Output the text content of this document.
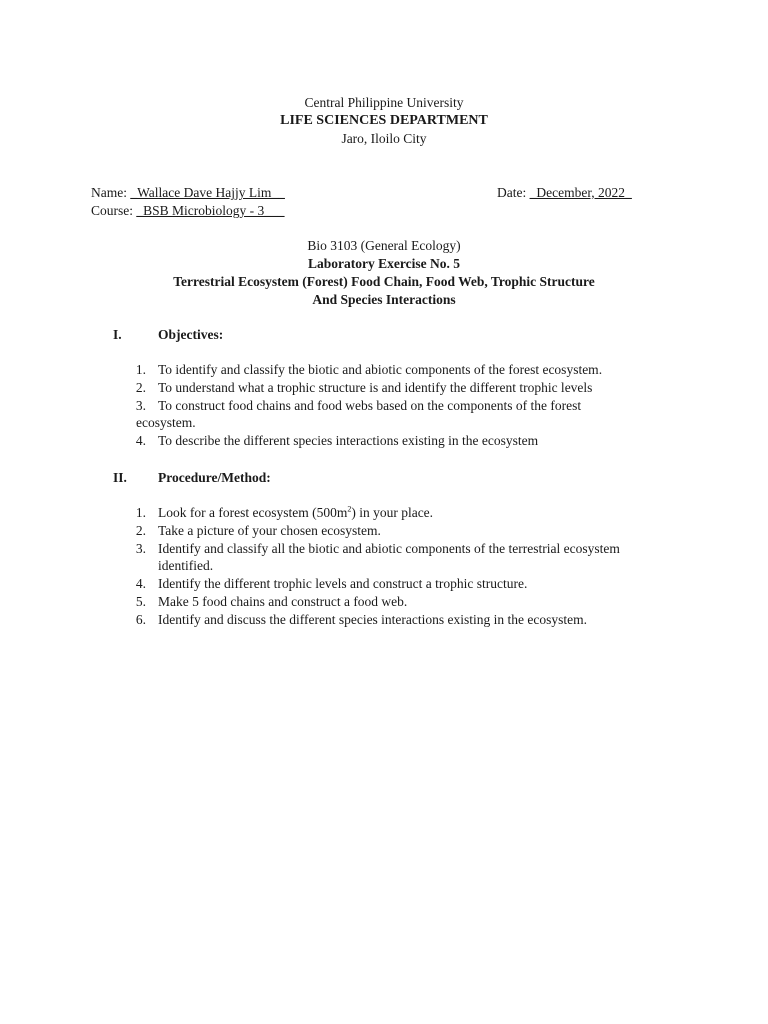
Central Philippine University
LIFE SCIENCES DEPARTMENT
Jaro, Iloilo City
Name: _Wallace Dave Hajjy Lim__	Date: _December, 2022_
Course: _BSB Microbiology - 3___
Bio 3103 (General Ecology)
Laboratory Exercise No. 5
Terrestrial Ecosystem (Forest) Food Chain, Food Web, Trophic Structure
And Species Interactions
I.	Objectives:
1. To identify and classify the biotic and abiotic components of the forest ecosystem.
2. To understand what a trophic structure is and identify the different trophic levels
3. To construct food chains and food webs based on the components of the forest
ecosystem.
4. To describe the different species interactions existing in the ecosystem
II. Procedure/Method:
1. Look for a forest ecosystem $(500m^2)$ in your place.
2. Take a picture of your chosen ecosystem.
3. Identify and classify all the biotic and abiotic components of the terrestrial ecosystem
identified.
4. Identify the different trophic levels and construct a trophic structure.
5. Make 5 food chains and construct a food web.
6. Identify and discuss the different species interactions existing in the ecosystem.
